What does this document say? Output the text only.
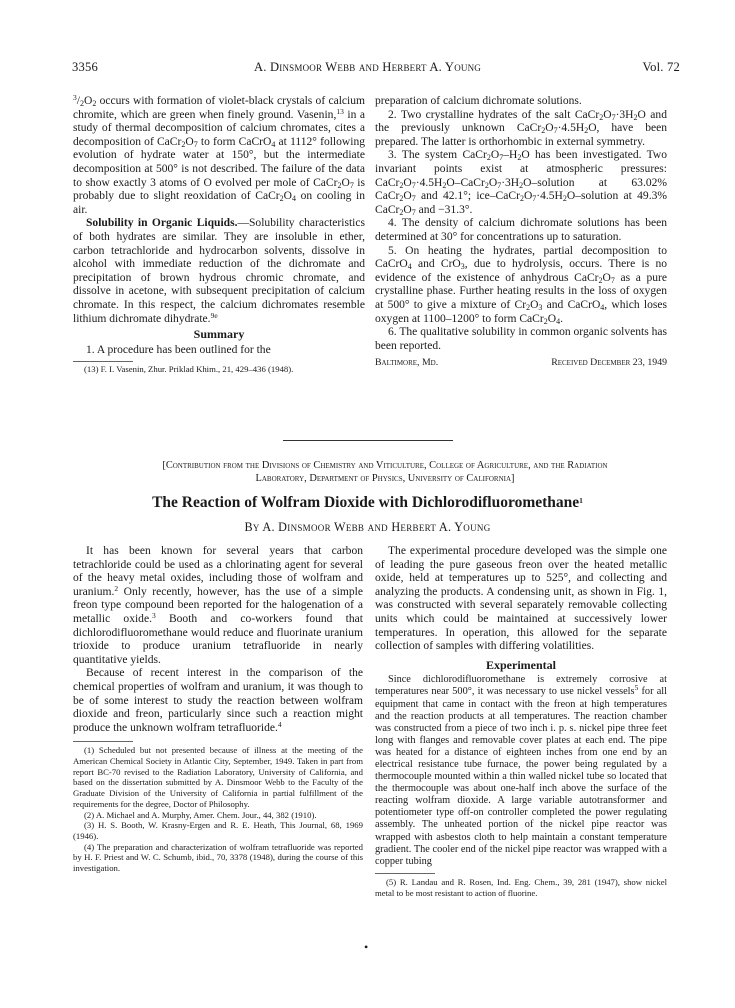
3356	A. Dinsmoor Webb and Herbert A. Young	Vol. 72

$^3/_2O_2$ occurs with formation of violet-black crystals of calcium chromite, which are green when finely ground. Vasenin,$^{13}$ in a study of thermal decomposition of calcium chromates, cites a decomposition of $CaCr_2O_7$ to form CaCrO$_4$ at 1112° following evolution of hydrate water at 150°, but the intermediate decomposition at 500° is not described. The failure of the data to show exactly 3 atoms of O evolved per mole of $CaCr_2O_7$ is probably due to slight reoxidation of $CaCr_2O_4$ on cooling in air.

Solubility in Organic Liquids.—Solubility characteristics of both hydrates are similar. They are insoluble in ether, carbon tetrachloride and hydrocarbon solvents, dissolve in alcohol with immediate reduction of the dichromate and precipitation of brown hydrous chromic chromate, and dissolve in acetone, with subsequent precipitation of calcium chromate. In this respect, the calcium dichromates resemble lithium dichromate dihydrate.$^{9e}$

Summary

1. A procedure has been outlined for the

(13) F. I. Vasenin, Zhur. Priklad Khim., 21, 429–436 (1948).

preparation of calcium dichromate solutions.

2. Two crystalline hydrates of the salt $CaCr_2O_7\cdot 3H_2O$ and the previously unknown $CaCr_2O_7\cdot 4.5H_2O$, have been prepared. The latter is orthorhombic in external symmetry.

3. The system $CaCr_2O_7-H_2O$ has been investigated. Two invariant points exist at atmospheric pressures: $CaCr_2O_7\cdot 4.5H_2O-CaCr_2O_7\cdot 3H_2O$–solution at 63.02% $CaCr_2O_7$ and 42.1°; ice–$CaCr_2O_7\cdot 4.5H_2O$–solution at 49.3% $CaCr_2O_7$ and −31.3°.

4. The density of calcium dichromate solutions has been determined at 30° for concentrations up to saturation.

5. On heating the hydrates, partial decomposition to CaCrO$_4$ and CrO$_3$, due to hydrolysis, occurs. There is no evidence of the existence of anhydrous $CaCr_2O_7$ as a pure crystalline phase. Further heating results in the loss of oxygen at 500° to give a mixture of $Cr_2O_3$ and CaCrO$_4$, which loses oxygen at 1100–1200° to form $CaCr_2O_4$.

6. The qualitative solubility in common organic solvents has been reported.

Baltimore, Md.	Received December 23, 1949
[Contribution from the Divisions of Chemistry and Viticulture, College of Agriculture, and the Radiation
Laboratory, Department of Physics, University of California]
The Reaction of Wolfram Dioxide with Dichlorodifluoromethane$^1$
By A. Dinsmoor Webb and Herbert A. Young

It has been known for several years that carbon tetrachloride could be used as a chlorinating agent for several of the heavy metal oxides, including those of wolfram and uranium.$^2$ Only recently, however, has the use of a simple freon type compound been reported for the halogenation of a metallic oxide.$^3$ Booth and co-workers found that dichlorodifluoromethane would reduce and fluorinate uranium trioxide to produce uranium tetrafluoride in nearly quantitative yields.

Because of recent interest in the comparison of the chemical properties of wolfram and uranium, it was though to be of some interest to study the reaction between wolfram dioxide and freon, particularly since such a reaction might produce the unknown wolfram tetrafluoride.$^4$

(1) Scheduled but not presented because of illness at the meeting of the American Chemical Society in Atlantic City, September, 1949. Taken in part from report BC-70 revised to the Radiation Laboratory, University of California, and based on the dissertation submitted by A. Dinsmoor Webb to the Faculty of the Graduate Division of the University of California in partial fulfillment of the requirements for the degree, Doctor of Philosophy.

(2) A. Michael and A. Murphy, Amer. Chem. Jour., 44, 382 (1910).

(3) H. S. Booth, W. Krasny-Ergen and R. E. Heath, This Journal, 68, 1969 (1946).

(4) The preparation and characterization of wolfram tetrafluoride was reported by H. F. Priest and W. C. Schumb, ibid., 70, 3378 (1948), during the course of this investigation.

The experimental procedure developed was the simple one of leading the pure gaseous freon over the heated metallic oxide, held at temperatures up to 525°, and collecting and analyzing the products. A condensing unit, as shown in Fig. 1, was constructed with several separately removable collecting units which could be maintained at successively lower temperatures. In operation, this allowed for the separate collection of samples with differing volatilities.

Experimental

Since dichlorodifluoromethane is extremely corrosive at temperatures near 500°, it was necessary to use nickel vessels$^5$ for all equipment that came in contact with the freon at high temperatures and the reaction products at all temperatures. The reaction chamber was constructed from a piece of two inch i. p. s. nickel pipe three feet long with flanges and removable cover plates at each end. The pipe was heated for a distance of eighteen inches from one end by an electrical resistance tube furnace, the power being regulated by a thermocouple mounted within a thin walled nickel tube so located that the thermocouple was about one-half inch above the surface of the reacting wolfram dioxide. A large variable autotransformer and potentiometer type off-on controller completed the power regulating assembly. The unheated portion of the nickel pipe reactor was wrapped with asbestos cloth to help maintain a constant temperature gradient. The cooler end of the nickel pipe reactor was wrapped with a copper tubing

(5) R. Landau and R. Rosen, Ind. Eng. Chem., 39, 281 (1947), show nickel metal to be most resistant to action of fluorine.

•
